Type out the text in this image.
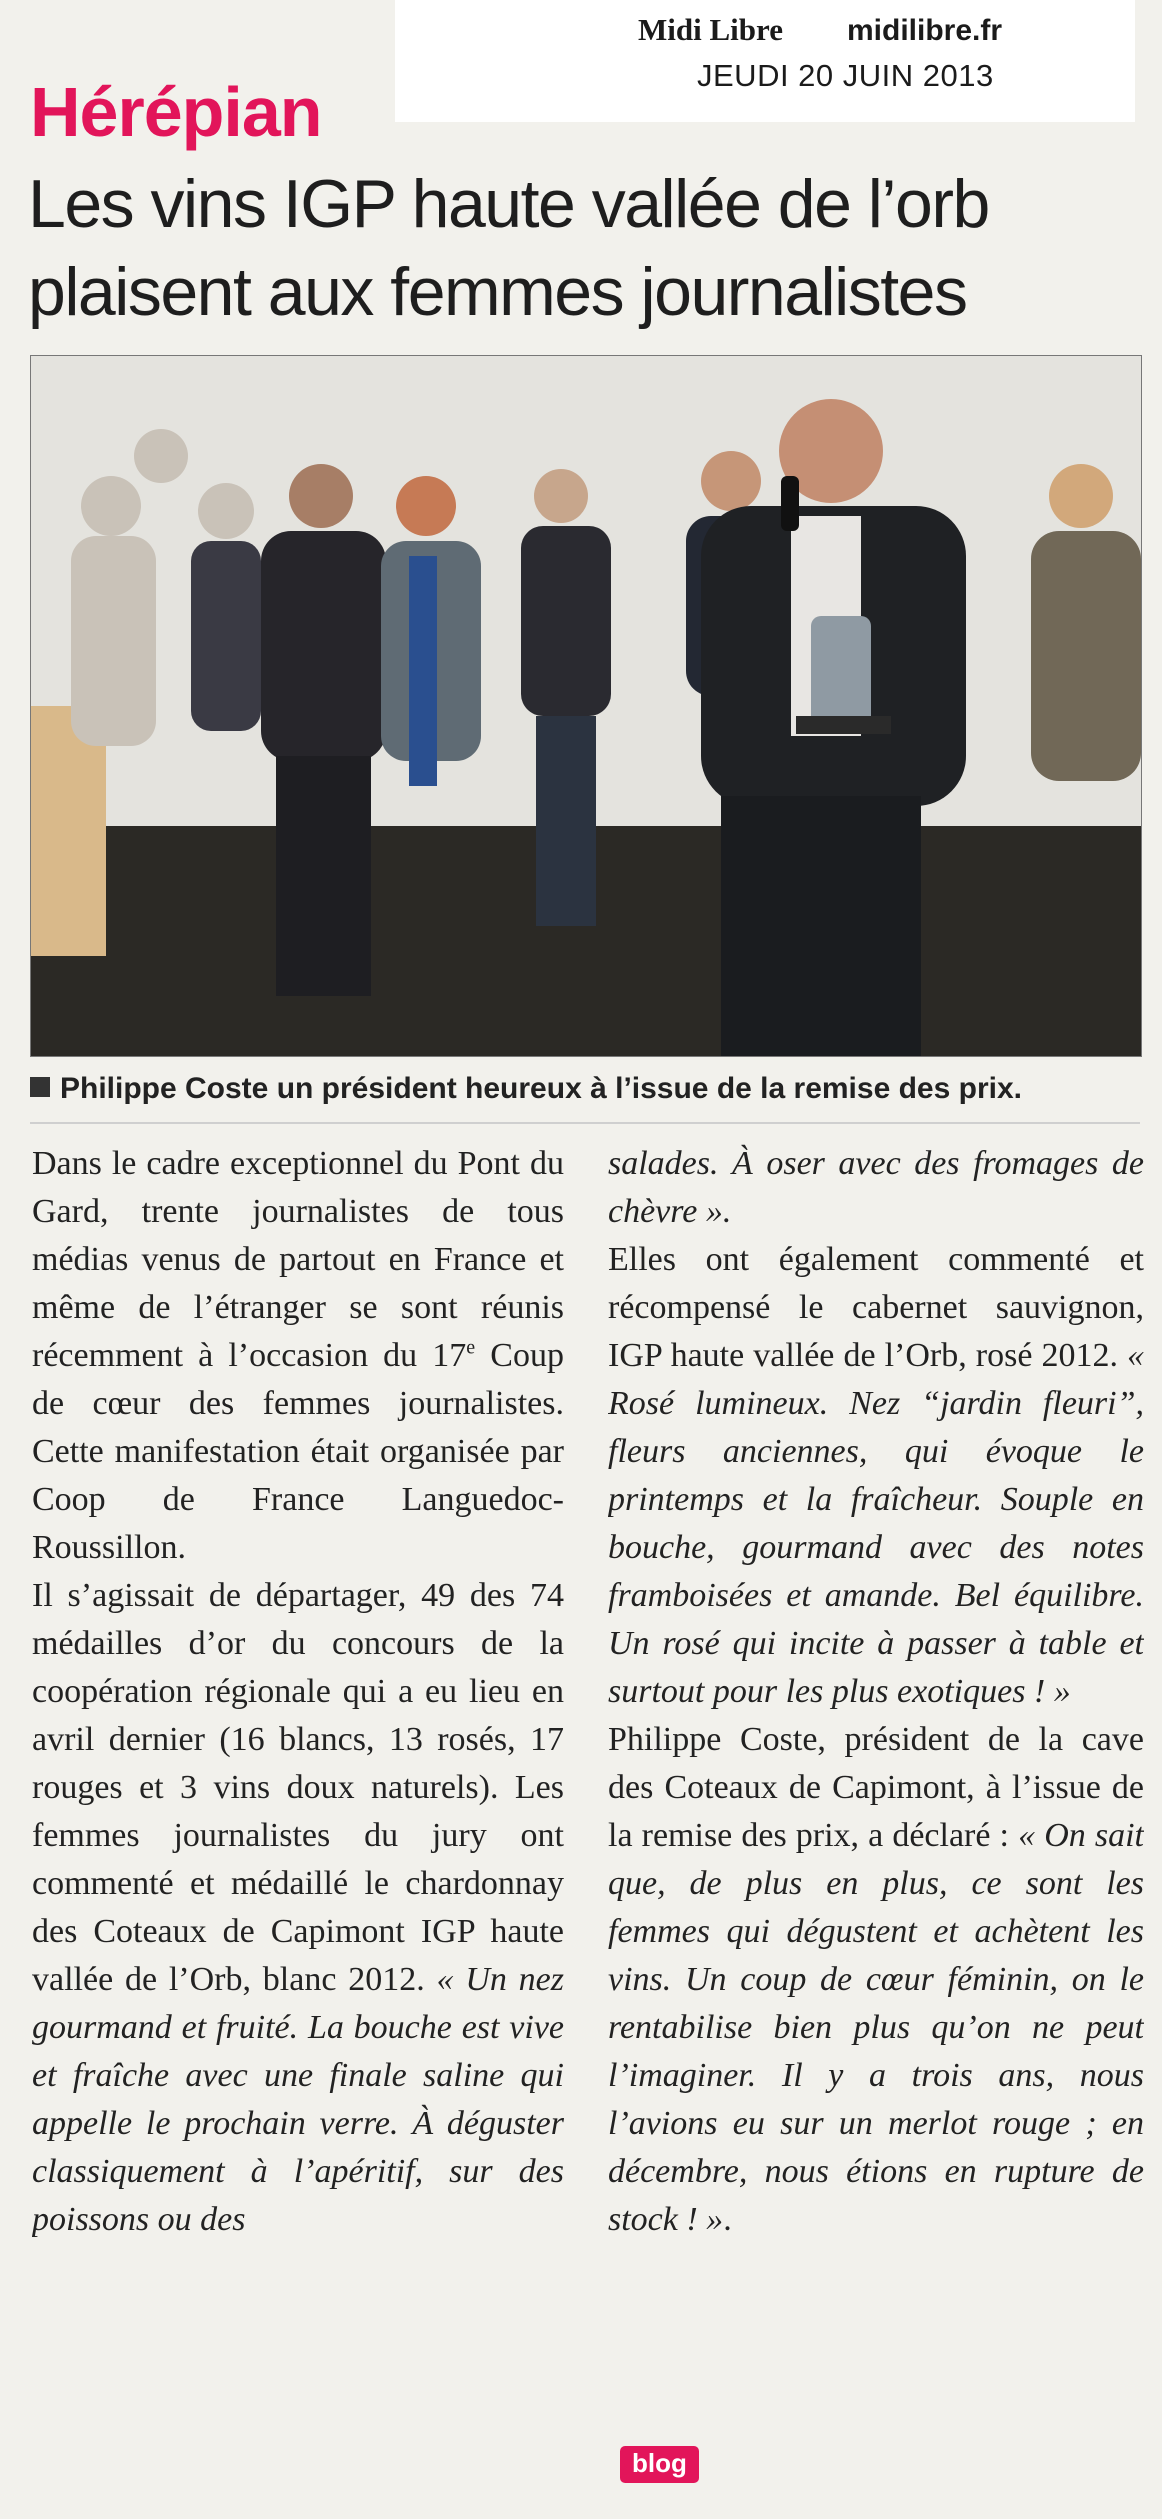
Midi Libre midilibre.fr
JEUDI 20 JUIN 2013
Hérépian
Les vins IGP haute vallée de l’orb plaisent aux femmes journalistes
Philippe Coste un président heureux à l’issue de la remise des prix.

Dans le cadre exceptionnel du Pont du Gard, trente journalistes de tous médias venus de partout en France et même de l’étranger se sont réunis récemment à l’occasion du 17e Coup de cœur des femmes journalistes. Cette manifestation était organisée par Coop de France Languedoc-Roussillon.

Il s’agissait de départager, 49 des 74 médailles d’or du concours de la coopération régionale qui a eu lieu en avril dernier (16 blancs, 13 rosés, 17 rouges et 3 vins doux naturels). Les femmes journalistes du jury ont commenté et médaillé le chardonnay des Coteaux de Capimont IGP haute vallée de l’Orb, blanc 2012. « Un nez gourmand et fruité. La bouche est vive et fraîche avec une finale saline qui appelle le prochain verre. À déguster classiquement à l’apéritif, sur des poissons ou des

salades. À oser avec des fromages de chèvre ».

Elles ont également commenté et récompensé le cabernet sauvignon, IGP haute vallée de l’Orb, rosé 2012. « Rosé lumineux. Nez “jardin fleuri”, fleurs anciennes, qui évoque le printemps et la fraîcheur. Souple en bouche, gourmand avec des notes framboisées et amande. Bel équilibre. Un rosé qui incite à passer à table et surtout pour les plus exotiques ! »

Philippe Coste, président de la cave des Coteaux de Capimont, à l’issue de la remise des prix, a déclaré : « On sait que, de plus en plus, ce sont les femmes qui dégustent et achètent les vins. Un coup de cœur féminin, on le rentabilise bien plus qu’on ne peut l’imaginer. Il y a trois ans, nous l’avions eu sur un merlot rouge ; en décembre, nous étions en rupture de stock ! ».

blog
